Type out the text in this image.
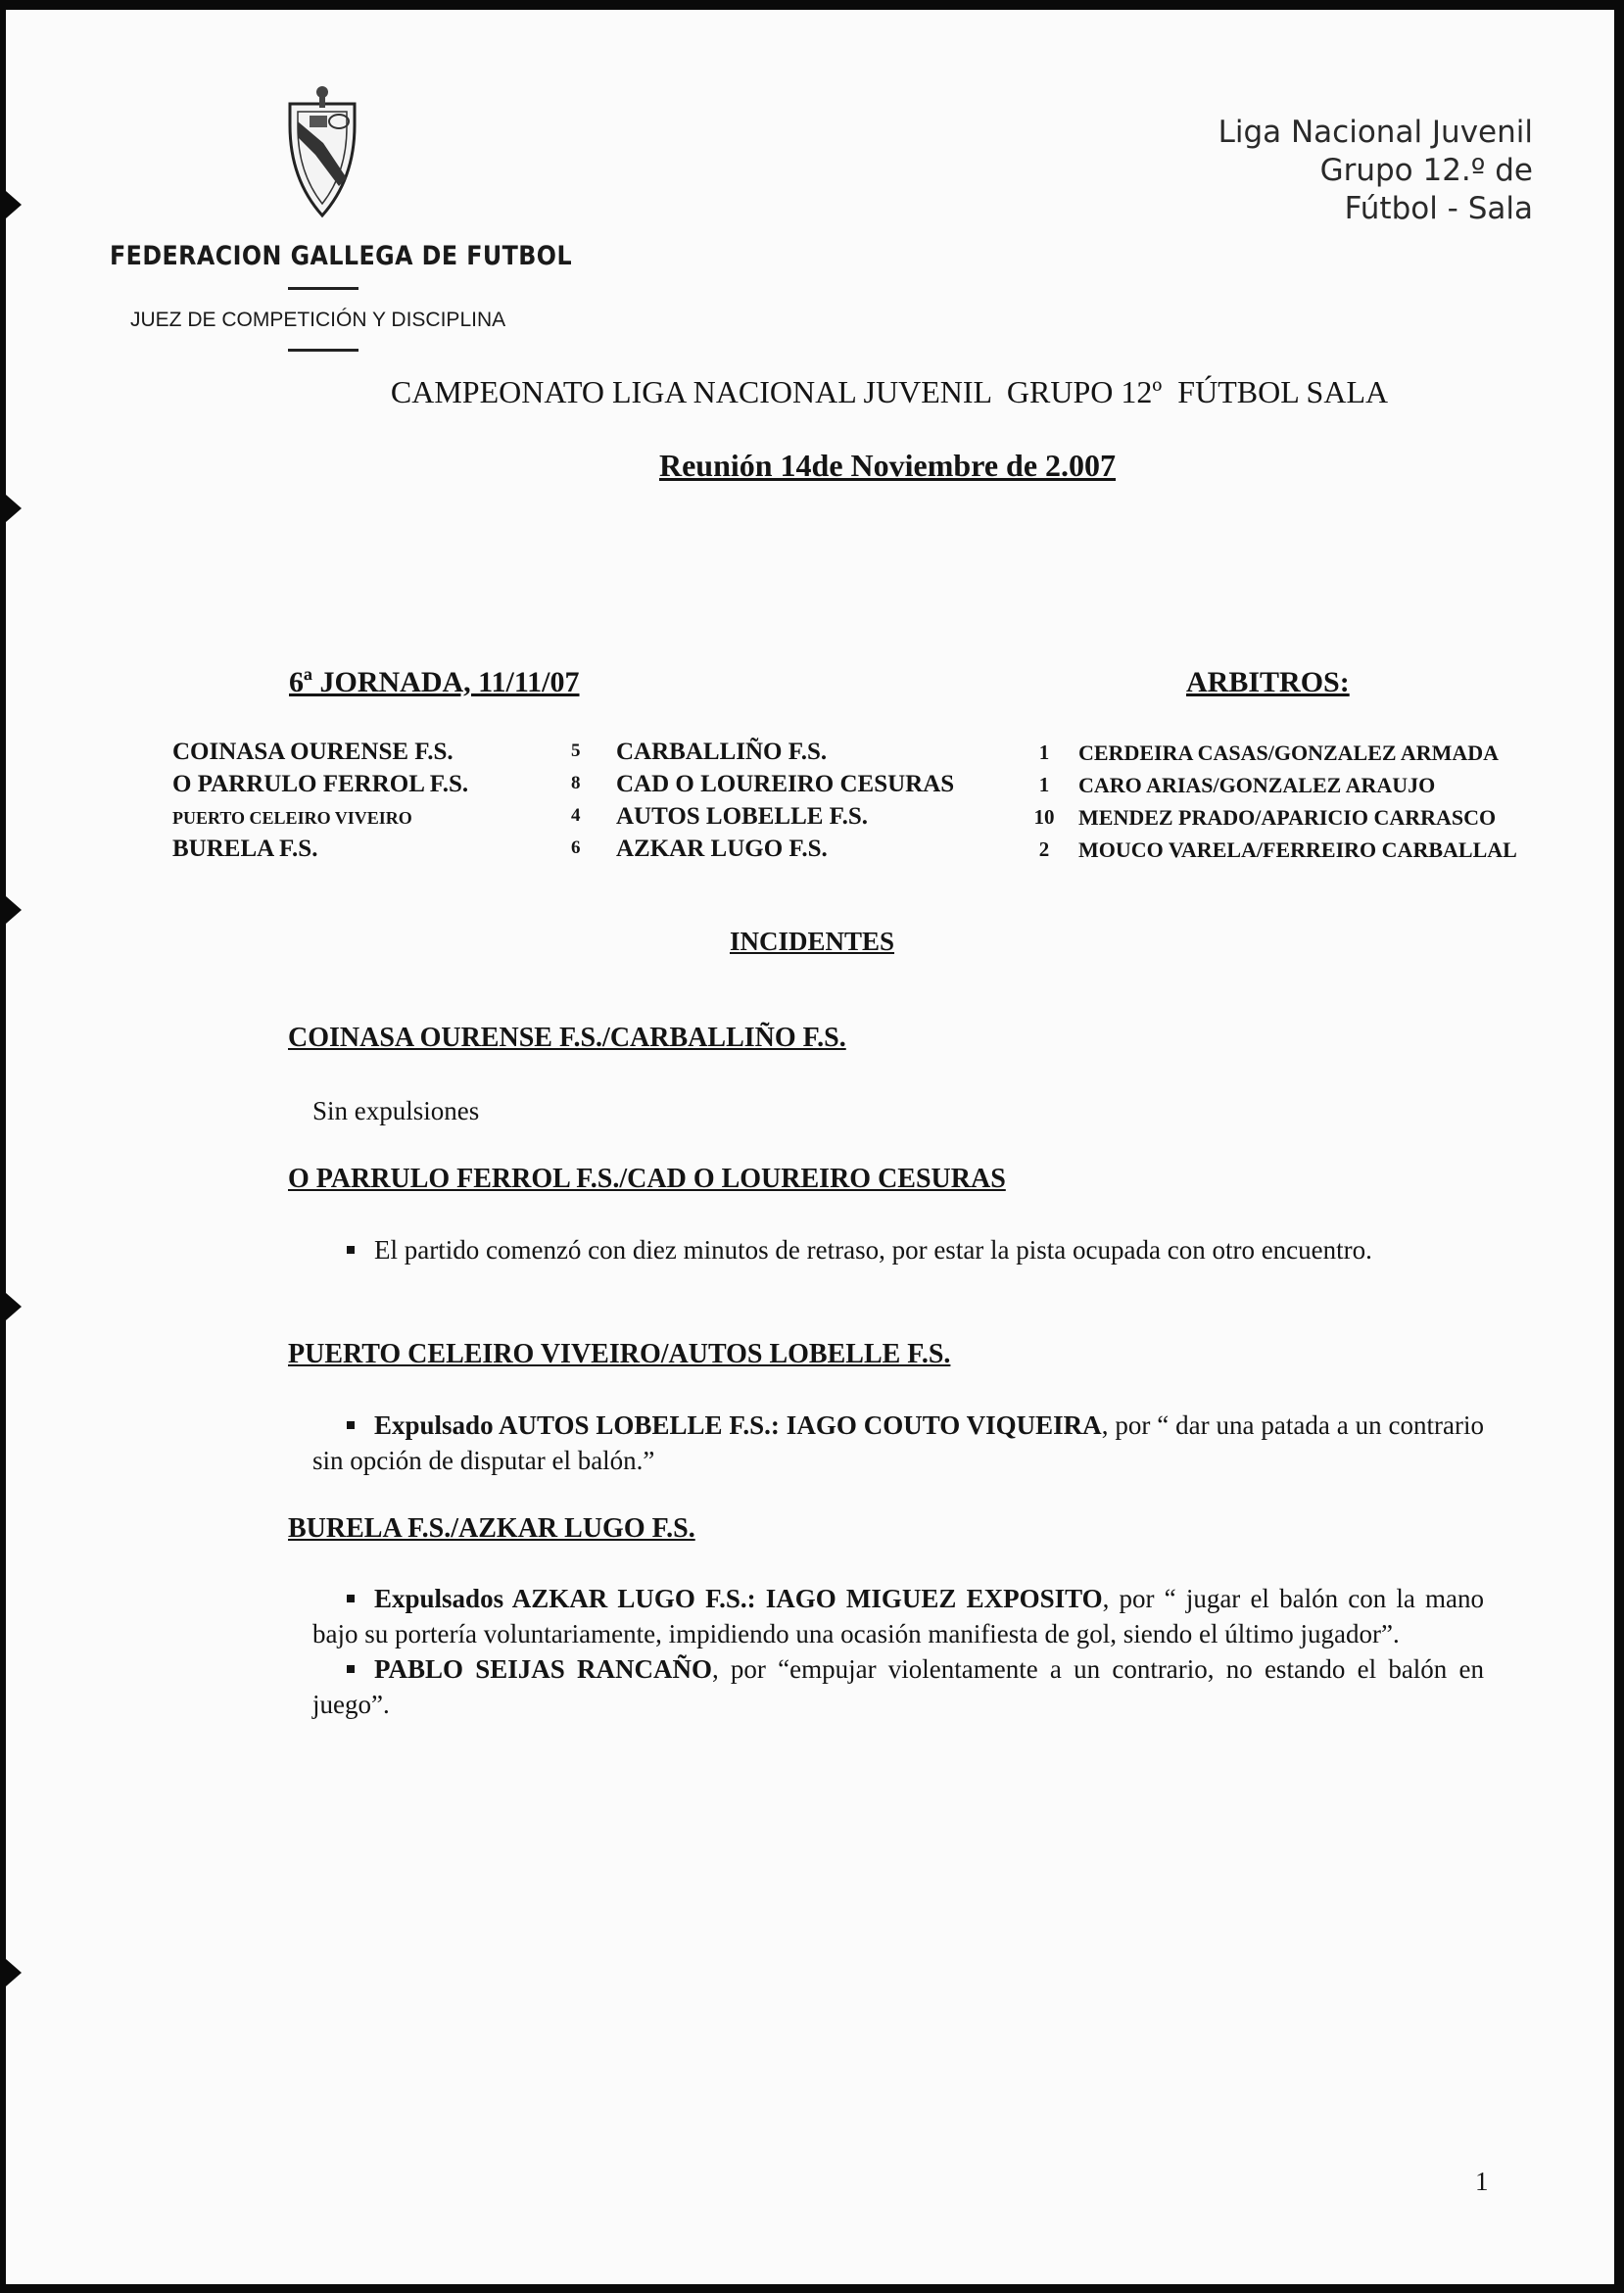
FEDERACION GALLEGA DE FUTBOL
JUEZ DE COMPETICIÓN Y DISCIPLINA
Liga Nacional Juvenil
Grupo 12.º de
Fútbol - Sala
CAMPEONATO LIGA NACIONAL JUVENIL  GRUPO 12º  FÚTBOL SALA
Reunión 14de Noviembre de 2.007
6ª JORNADA, 11/11/07	ARBITROS:
COINASA OURENSE F.S.	5 CARBALLIÑO F.S.	1	CERDEIRA CASAS/GONZALEZ ARMADA
O PARRULO FERROL F.S.	8 CAD O LOUREIRO CESURAS	1	CARO ARIAS/GONZALEZ ARAUJO
PUERTO CELEIRO VIVEIRO	4 AUTOS LOBELLE F.S.	10	MENDEZ PRADO/APARICIO CARRASCO
BURELA F.S.	6 AZKAR LUGO F.S.	2	MOUCO VARELA/FERREIRO CARBALLAL
INCIDENTES
COINASA OURENSE F.S./CARBALLIÑO F.S.
Sin expulsiones
O PARRULO FERROL F.S./CAD O LOUREIRO CESURAS
El partido comenzó con diez minutos de retraso, por estar la pista ocupada con otro encuentro.
PUERTO CELEIRO VIVEIRO/AUTOS LOBELLE F.S.
Expulsado AUTOS LOBELLE F.S.: IAGO COUTO VIQUEIRA, por “ dar una patada a un contrario sin opción de disputar el balón.”
BURELA F.S./AZKAR LUGO F.S.
Expulsados AZKAR LUGO F.S.: IAGO MIGUEZ EXPOSITO, por “ jugar el balón con la mano bajo su portería voluntariamente, impidiendo una ocasión manifiesta de gol, siendo el último jugador”.
PABLO SEIJAS RANCAÑO, por “empujar violentamente a un contrario, no estando el balón en juego”.
1
